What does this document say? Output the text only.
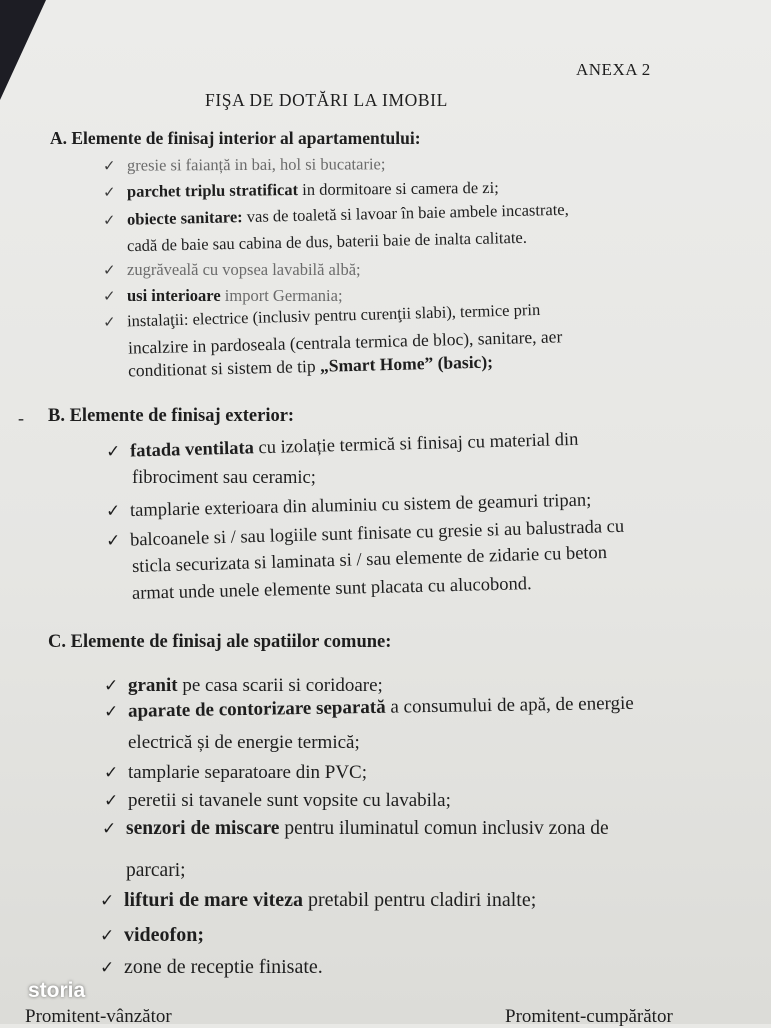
ANEXA 2
FIŞA DE DOTĂRI LA IMOBIL
A. Elemente de finisaj interior al apartamentului:
✓ gresie si faianță in bai, hol si bucatarie;
✓ parchet triplu stratificat in dormitoare si camera de zi;
✓ obiecte sanitare: vas de toaletă si lavoar în baie ambele incastrate,
cadă de baie sau cabina de dus, baterii baie de inalta calitate.
✓ zugrăveală cu vopsea lavabilă albă;
✓ usi interioare import Germania;
✓ instalaţii: electrice (inclusiv pentru curenţii slabi), termice prin
incalzire in pardoseala (centrala termica de bloc), sanitare, aer
conditionat si sistem de tip „Smart Home” (basic);
- B. Elemente de finisaj exterior:
✓ fatada ventilata cu izolație termică si finisaj cu material din
fibrociment sau ceramic;
✓ tamplarie exterioara din aluminiu cu sistem de geamuri tripan;
✓ balcoanele si / sau logiile sunt finisate cu gresie si au balustrada cu
sticla securizata si laminata si / sau elemente de zidarie cu beton
armat unde unele elemente sunt placata cu alucobond.
C. Elemente de finisaj ale spatiilor comune:
✓ granit pe casa scarii si coridoare;
✓ aparate de contorizare separată a consumului de apă, de energie
electrică și de energie termică;
✓ tamplarie separatoare din PVC;
✓ peretii si tavanele sunt vopsite cu lavabila;
✓ senzori de miscare pentru iluminatul comun inclusiv zona de
parcari;
✓ lifturi de mare viteza pretabil pentru cladiri inalte;
✓ videofon;
✓ zone de receptie finisate.
storia
Promitent-vânzător	Promitent-cumpărător
